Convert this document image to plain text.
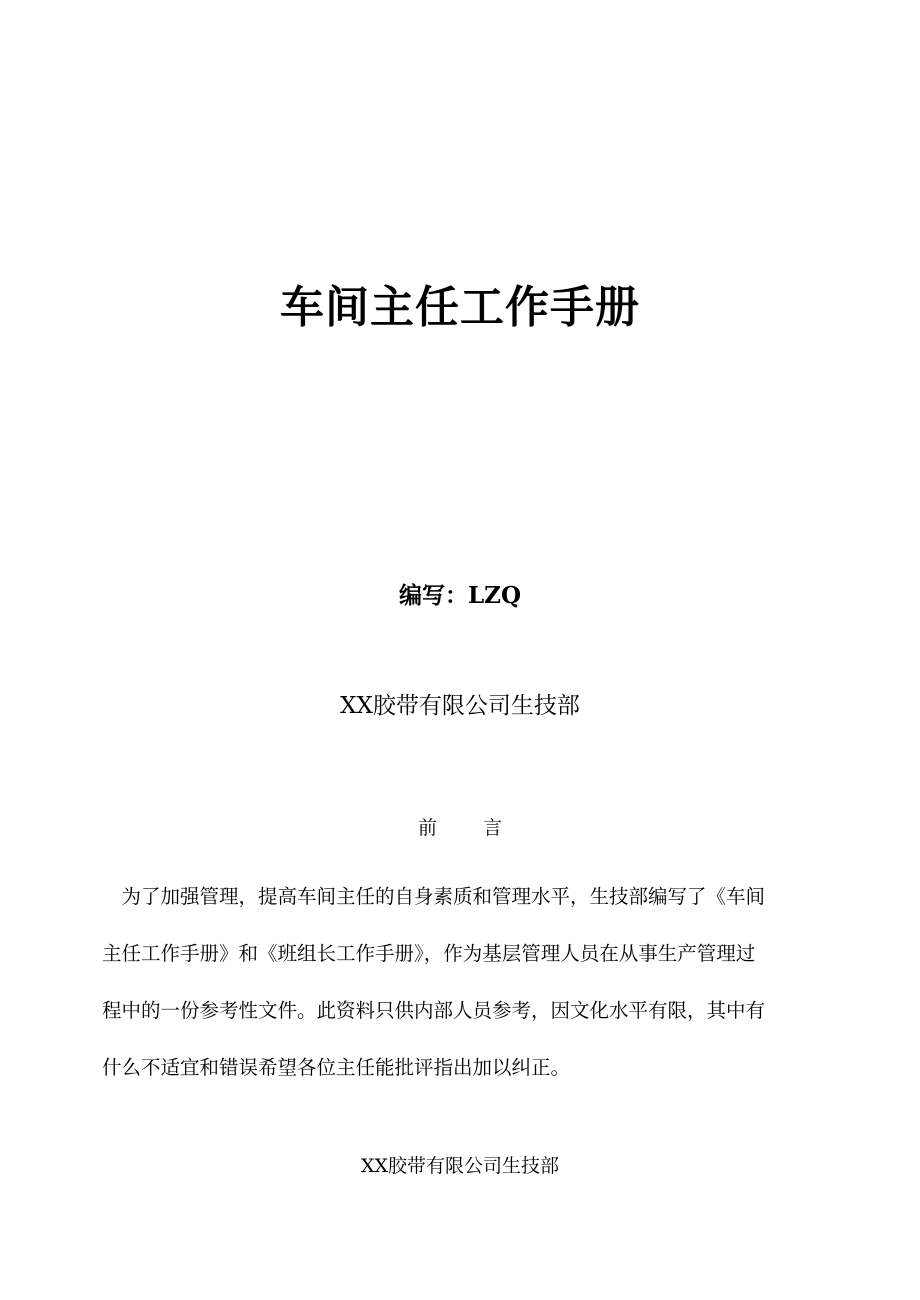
车间主任工作手册
编写：LZQ
XX胶带有限公司生技部
前 言
　为了加强管理，提高车间主任的自身素质和管理水平，生技部编写了《车间
主任工作手册》和《班组长工作手册》，作为基层管理人员在从事生产管理过
程中的一份参考性文件。此资料只供内部人员参考，因文化水平有限，其中有
什么不适宜和错误希望各位主任能批评指出加以纠正。
XX胶带有限公司生技部
